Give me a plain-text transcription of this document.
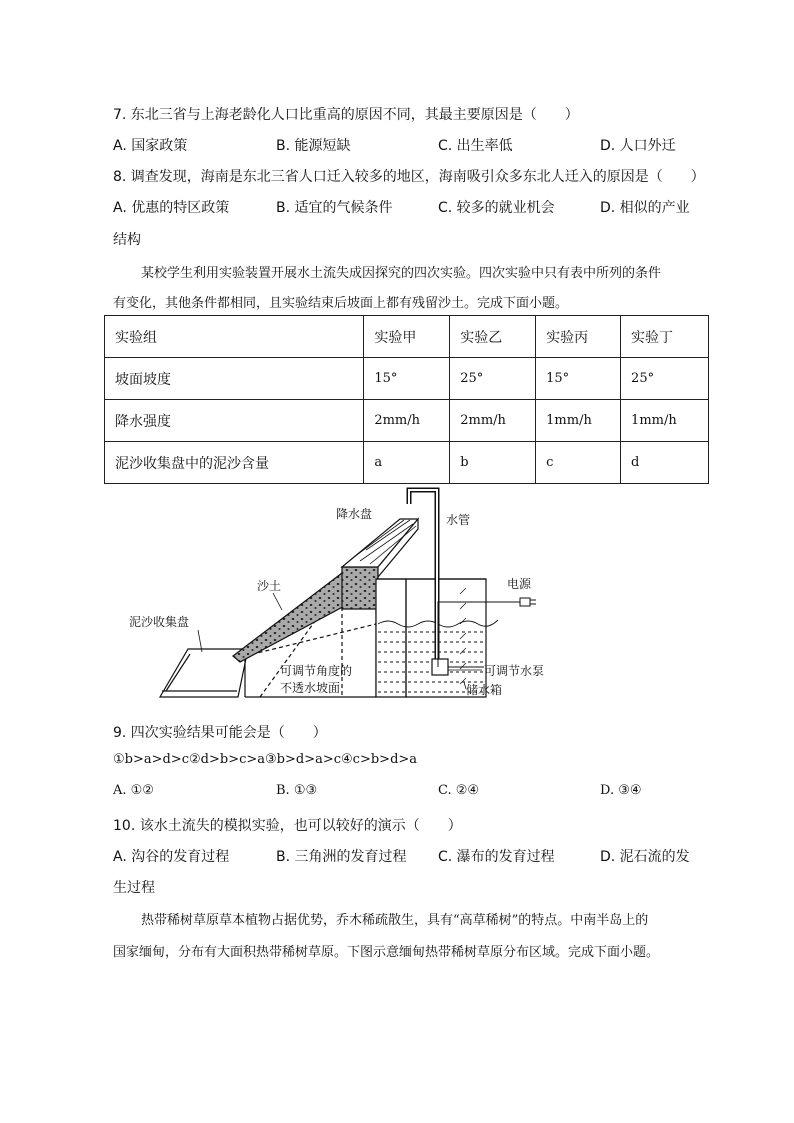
7. 东北三省与上海老龄化人口比重高的原因不同，其最主要原因是（　　）
A. 国家政策	B. 能源短缺	C. 出生率低	D. 人口外迁
8. 调查发现，海南是东北三省人口迁入较多的地区，海南吸引众多东北人迁入的原因是（　　）
A. 优惠的特区政策	B. 适宜的气候条件	C. 较多的就业机会	D. 相似的产业
结构
某校学生利用实验装置开展水土流失成因探究的四次实验。四次实验中只有表中所列的条件
有变化，其他条件都相同，且实验结束后坡面上都有残留沙土。完成下面小题。
实验组	实验甲	实验乙	实验丙	实验丁
坡面坡度	15°	25°	15°	25°
降水强度	2mm/h	2mm/h	1mm/h	1mm/h
泥沙收集盘中的泥沙含量	a	b	c	d
降水盘	水管
沙土	电源
泥沙收集盘
可调节角度的
不透水坡面
可调节水泵
储水箱
9. 四次实验结果可能会是（　　）
①b>a>d>c②d>b>c>a③b>d>a>c④c>b>d>a
A. ①②	B. ①③	C. ②④	D. ③④
10. 该水土流失的模拟实验，也可以较好的演示（　　）
A. 沟谷的发育过程	B. 三角洲的发育过程 C. 瀑布的发育过程	D. 泥石流的发
生过程
热带稀树草原草本植物占据优势，乔木稀疏散生，具有“高草稀树”的特点。中南半岛上的
国家缅甸，分布有大面积热带稀树草原。下图示意缅甸热带稀树草原分布区域。完成下面小题。
